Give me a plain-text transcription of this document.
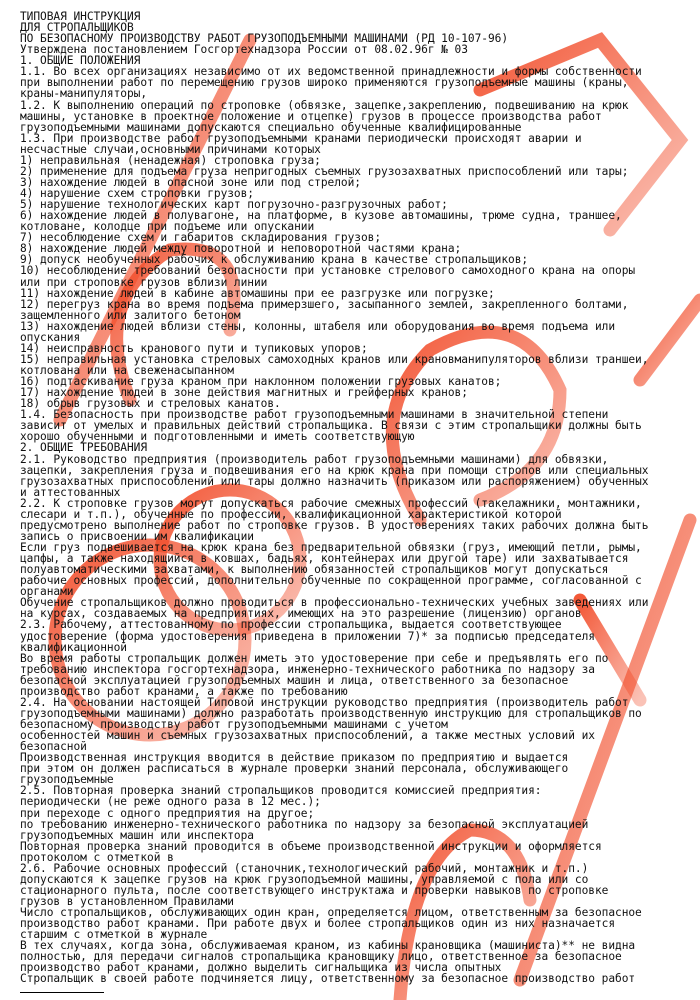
ТИПОВАЯ ИНСТРУКЦИЯ
ДЛЯ СТРОПАЛЬЩИКОВ
ПО БЕЗОПАСНОМУ ПРОИЗВОДСТВУ РАБОТ ГРУЗОПОДЪЕМНЫМИ МАШИНАМИ (РД 10-107-96)
Утверждена постановлением Госгортехнадзора России от 08.02.96г № 03
1. ОБЩИЕ ПОЛОЖЕНИЯ
1.1. Во всех организациях независимо от их ведомственной принадлежности и формы собственности
при выполнении работ по перемещению грузов широко применяются грузоподъемные машины (краны,
краны-манипуляторы,
1.2. К выполнению операций по строповке (обвязке, зацепке,закреплению, подвешиванию на крюк
машины, установке в проектное положение и отцепке) грузов в процессе производства работ
грузоподъемными машинами допускаются специально обученные квалифицированные
1.3. При производстве работ грузоподъемными кранами периодически происходят аварии и
несчастные случаи,основными причинами которых
1) неправильная (ненадежная) строповка груза;
2) применение для подъема груза непригодных съемных грузозахватных приспособлений или тары;
3) нахождение людей в опасной зоне или под стрелой;
4) нарушение схем строповки грузов;
5) нарушение технологических карт погрузочно-разгрузочных работ;
6) нахождение людей в полувагоне, на платформе, в кузове автомашины, трюме судна, траншее,
котловане, колодце при подъеме или опускании
7) несоблюдение схем и габаритов складирования грузов;
8) нахождение людей между поворотной и неповоротной частями крана;
9) допуск необученных рабочих к обслуживанию крана в качестве стропальщиков;
10) несоблюдение требований безопасности при установке стрелового самоходного крана на опоры
или при строповке грузов вблизи линии
11) нахождение людей в кабине автомашины при ее разгрузке или погрузке;
12) перегруз крана во время подъема примерзшего, засыпанного землей, закрепленного болтами,
защемленного или залитого бетоном
13) нахождение людей вблизи стены, колонны, штабеля или оборудования во время подъема или
опускания
14) неисправность кранового пути и тупиковых упоров;
15) неправильная установка стреловых самоходных кранов или крановманипуляторов вблизи траншеи,
котлована или на свеженасыпанном
16) подтаскивание груза краном при наклонном положении грузовых канатов;
17) нахождение людей в зоне действия магнитных и грейферных кранов;
18) обрыв грузовых и стреловых канатов.
1.4. Безопасность при производстве работ грузоподъемными машинами в значительной степени
зависит от умелых и правильных действий стропальщика. В связи с этим стропальщики должны быть
хорошо обученными и подготовленными и иметь соответствующую
2. ОБЩИЕ ТРЕБОВАНИЯ
2.1. Руководство предприятия (производитель работ грузоподъемными машинами) для обвязки,
зацепки, закрепления груза и подвешивания его на крюк крана при помощи стропов или специальных
грузозахватных приспособлений или тары должно назначить (приказом или распоряжением) обученных
и аттестованных
2.2. К строповке грузов могут допускаться рабочие смежных профессий (такелажники, монтажники,
слесари и т.п.), обученные по профессии, квалификационной характеристикой которой
предусмотрено выполнение работ по строповке грузов. В удостоверениях таких рабочих должна быть
запись о присвоении им квалификации
Если груз подвешивается на крюк крана без предварительной обвязки (груз, имеющий петли, рымы,
цапфы, а также находящийся в ковшах, бадьях, контейнерах или другой таре) или захватывается
полуавтоматическими захватами, к выполнению обязанностей стропальщиков могут допускаться
рабочие основных профессий, дополнительно обученные по сокращенной программе, согласованной с
органами
Обучение стропальщиков должно проводиться в профессионально-технических учебных заведениях или
на курсах, создаваемых на предприятиях, имеющих на это разрешение (лицензию) органов
2.3. Рабочему, аттестованному по профессии стропальщика, выдается соответствующее
удостоверение (форма удостоверения приведена в приложении 7)* за подписью председателя
квалификационной
Во время работы стропальщик должен иметь это удостоверение при себе и предъявлять его по
требованию инспектора госгортехнадзора, инженерно-технического работника по надзору за
безопасной эксплуатацией грузоподъемных машин и лица, ответственного за безопасное
производство работ кранами, а также по требованию
2.4. На основании настоящей Типовой инструкции руководство предприятия (производитель работ
грузоподъемными машинами) должно разработать производственную инструкцию для стропальщиков по
безопасному производству работ грузоподъемными машинами с учетом
особенностей машин и съемных грузозахватных приспособлений, а также местных условий их
безопасной
Производственная инструкция вводится в действие приказом по предприятию и выдается
при этом он должен расписаться в журнале проверки знаний персонала, обслуживающего
грузоподъемные
2.5. Повторная проверка знаний стропальщиков проводится комиссией предприятия:
периодически (не реже одного раза в 12 мес.);
при переходе с одного предприятия на другое;
по требованию инженерно-технического работника по надзору за безопасной эксплуатацией
грузоподъемных машин или инспектора
Повторная проверка знаний проводится в объеме производственной инструкции и оформляется
протоколом с отметкой в
2.6. Рабочие основных профессий (станочник,технологический рабочий, монтажник и т.п.)
допускаются к зацепке грузов на крюк грузоподъемной машины, управляемой с пола или со
стационарного пульта, после соответствующего инструктажа и проверки навыков по строповке
грузов в установленном Правилами
Число стропальщиков, обслуживающих один кран, определяется лицом, ответственным за безопасное
производство работ кранами. При работе двух и более стропальщиков один из них назначается
старшим с отметкой в журнале
В тех случаях, когда зона, обслуживаемая краном, из кабины крановщика (машиниста)** не видна
полностью, для передачи сигналов стропальщика крановщику лицо, ответственное за безопасное
производство работ кранами, должно выделить сигнальщика из числа опытных
Стропальщик в своей работе подчиняется лицу, ответственному за безопасное производство работ
